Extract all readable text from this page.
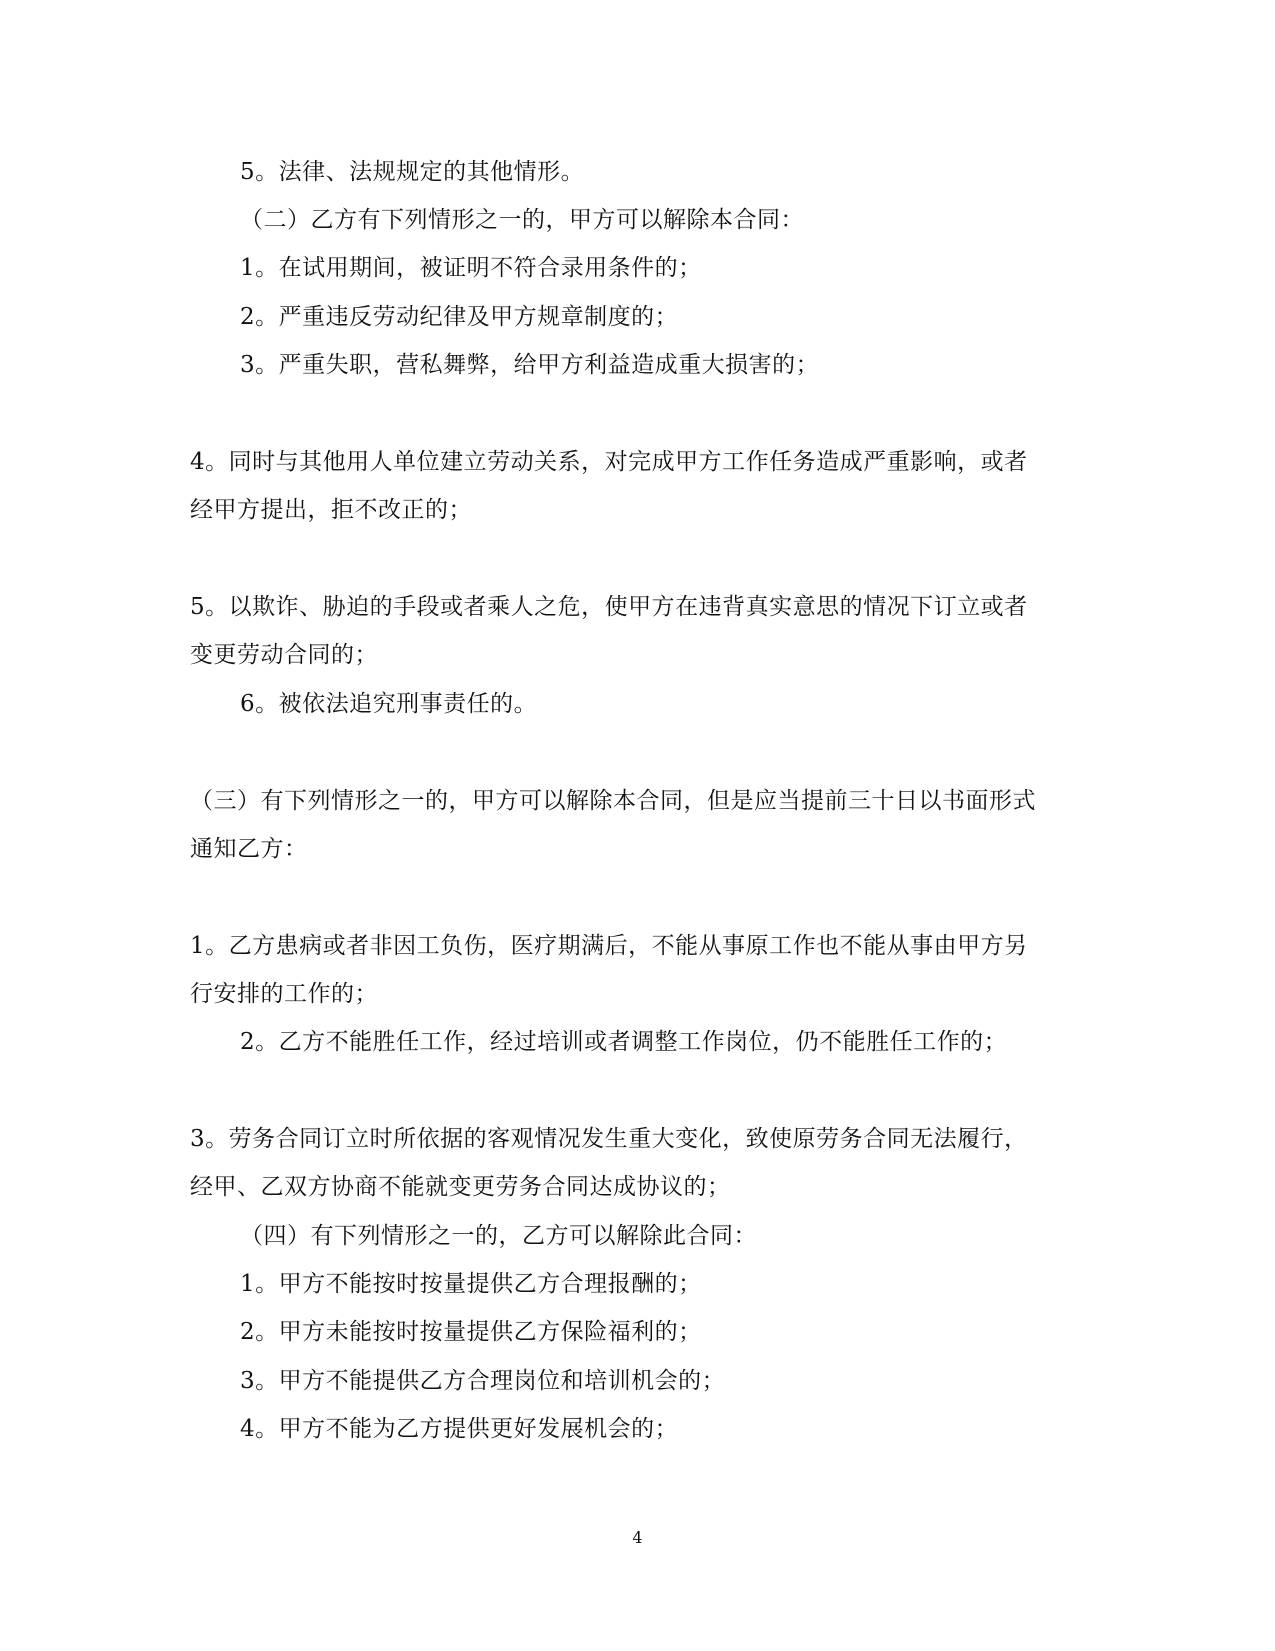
5。法律、法规规定的其他情形。
（二）乙方有下列情形之一的，甲方可以解除本合同：
1。在试用期间，被证明不符合录用条件的；
2。严重违反劳动纪律及甲方规章制度的；
3。严重失职，营私舞弊，给甲方利益造成重大损害的；
4。同时与其他用人单位建立劳动关系，对完成甲方工作任务造成严重影响，或者
经甲方提出，拒不改正的；
5。以欺诈、胁迫的手段或者乘人之危，使甲方在违背真实意思的情况下订立或者
变更劳动合同的；
6。被依法追究刑事责任的。
（三）有下列情形之一的，甲方可以解除本合同，但是应当提前三十日以书面形式
通知乙方：
1。乙方患病或者非因工负伤，医疗期满后，不能从事原工作也不能从事由甲方另
行安排的工作的；
2。乙方不能胜任工作，经过培训或者调整工作岗位，仍不能胜任工作的；
3。劳务合同订立时所依据的客观情况发生重大变化，致使原劳务合同无法履行，
经甲、乙双方协商不能就变更劳务合同达成协议的；
（四）有下列情形之一的，乙方可以解除此合同：
1。甲方不能按时按量提供乙方合理报酬的；
2。甲方未能按时按量提供乙方保险福利的；
3。甲方不能提供乙方合理岗位和培训机会的；
4。甲方不能为乙方提供更好发展机会的；
4
